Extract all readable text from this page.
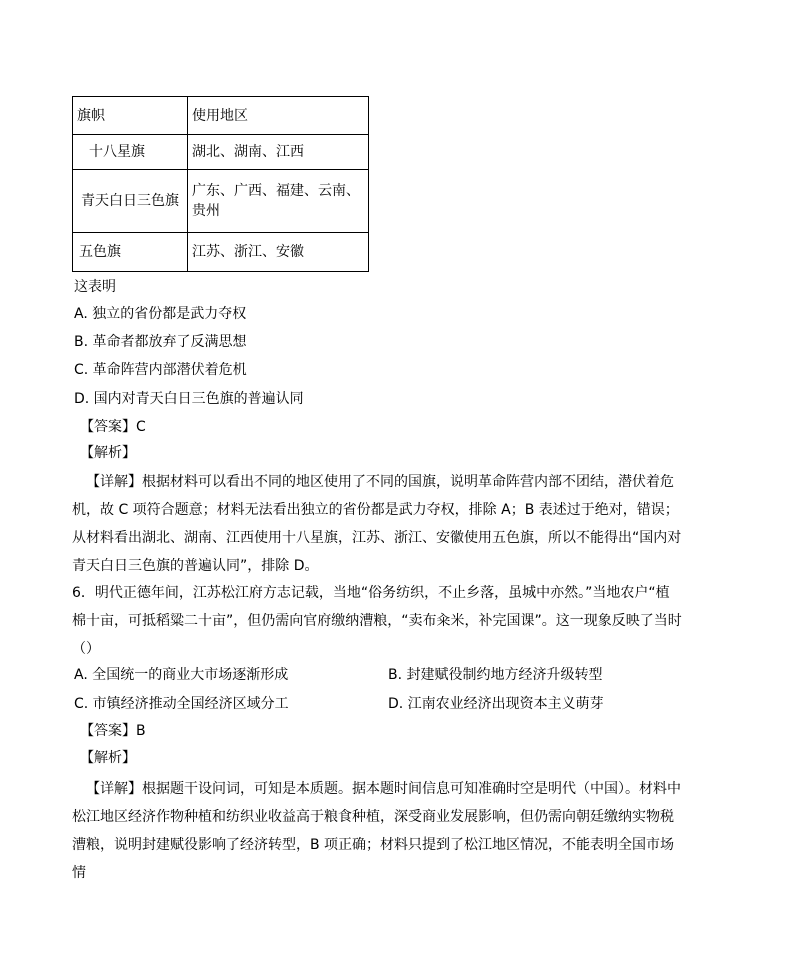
旗帜	使用地区
十八星旗	湖北、湖南、江西
青天白日三色旗	广东、广西、福建、云南、贵州
五色旗	江苏、浙江、安徽
这表明
A. 独立的省份都是武力夺权
B. 革命者都放弃了反满思想
C. 革命阵营内部潜伏着危机
D. 国内对青天白日三色旗的普遍认同
【答案】C
【解析】
【详解】根据材料可以看出不同的地区使用了不同的国旗，说明革命阵营内部不团结，潜伏着危机，故 C 项符合题意；材料无法看出独立的省份都是武力夺权，排除 A；B 表述过于绝对，错误；从材料看出湖北、湖南、江西使用十八星旗，江苏、浙江、安徽使用五色旗，所以不能得出“国内对青天白日三色旗的普遍认同”，排除 D。
6．明代正德年间，江苏松江府方志记载，当地“俗务纺织，不止乡落，虽城中亦然。”当地农户“植棉十亩，可抵稻粱二十亩”，但仍需向官府缴纳漕粮，“卖布籴米，补完国课”。这一现象反映了当时（）
A. 全国统一的商业大市场逐渐形成	B. 封建赋役制约地方经济升级转型
C. 市镇经济推动全国经济区域分工	D. 江南农业经济出现资本主义萌芽
【答案】B
【解析】
【详解】根据题干设问词，可知是本质题。据本题时间信息可知准确时空是明代（中国）。材料中松江地区经济作物种植和纺织业收益高于粮食种植，深受商业发展影响，但仍需向朝廷缴纳实物税漕粮，说明封建赋役影响了经济转型，B 项正确；材料只提到了松江地区情况，不能表明全国市场情
